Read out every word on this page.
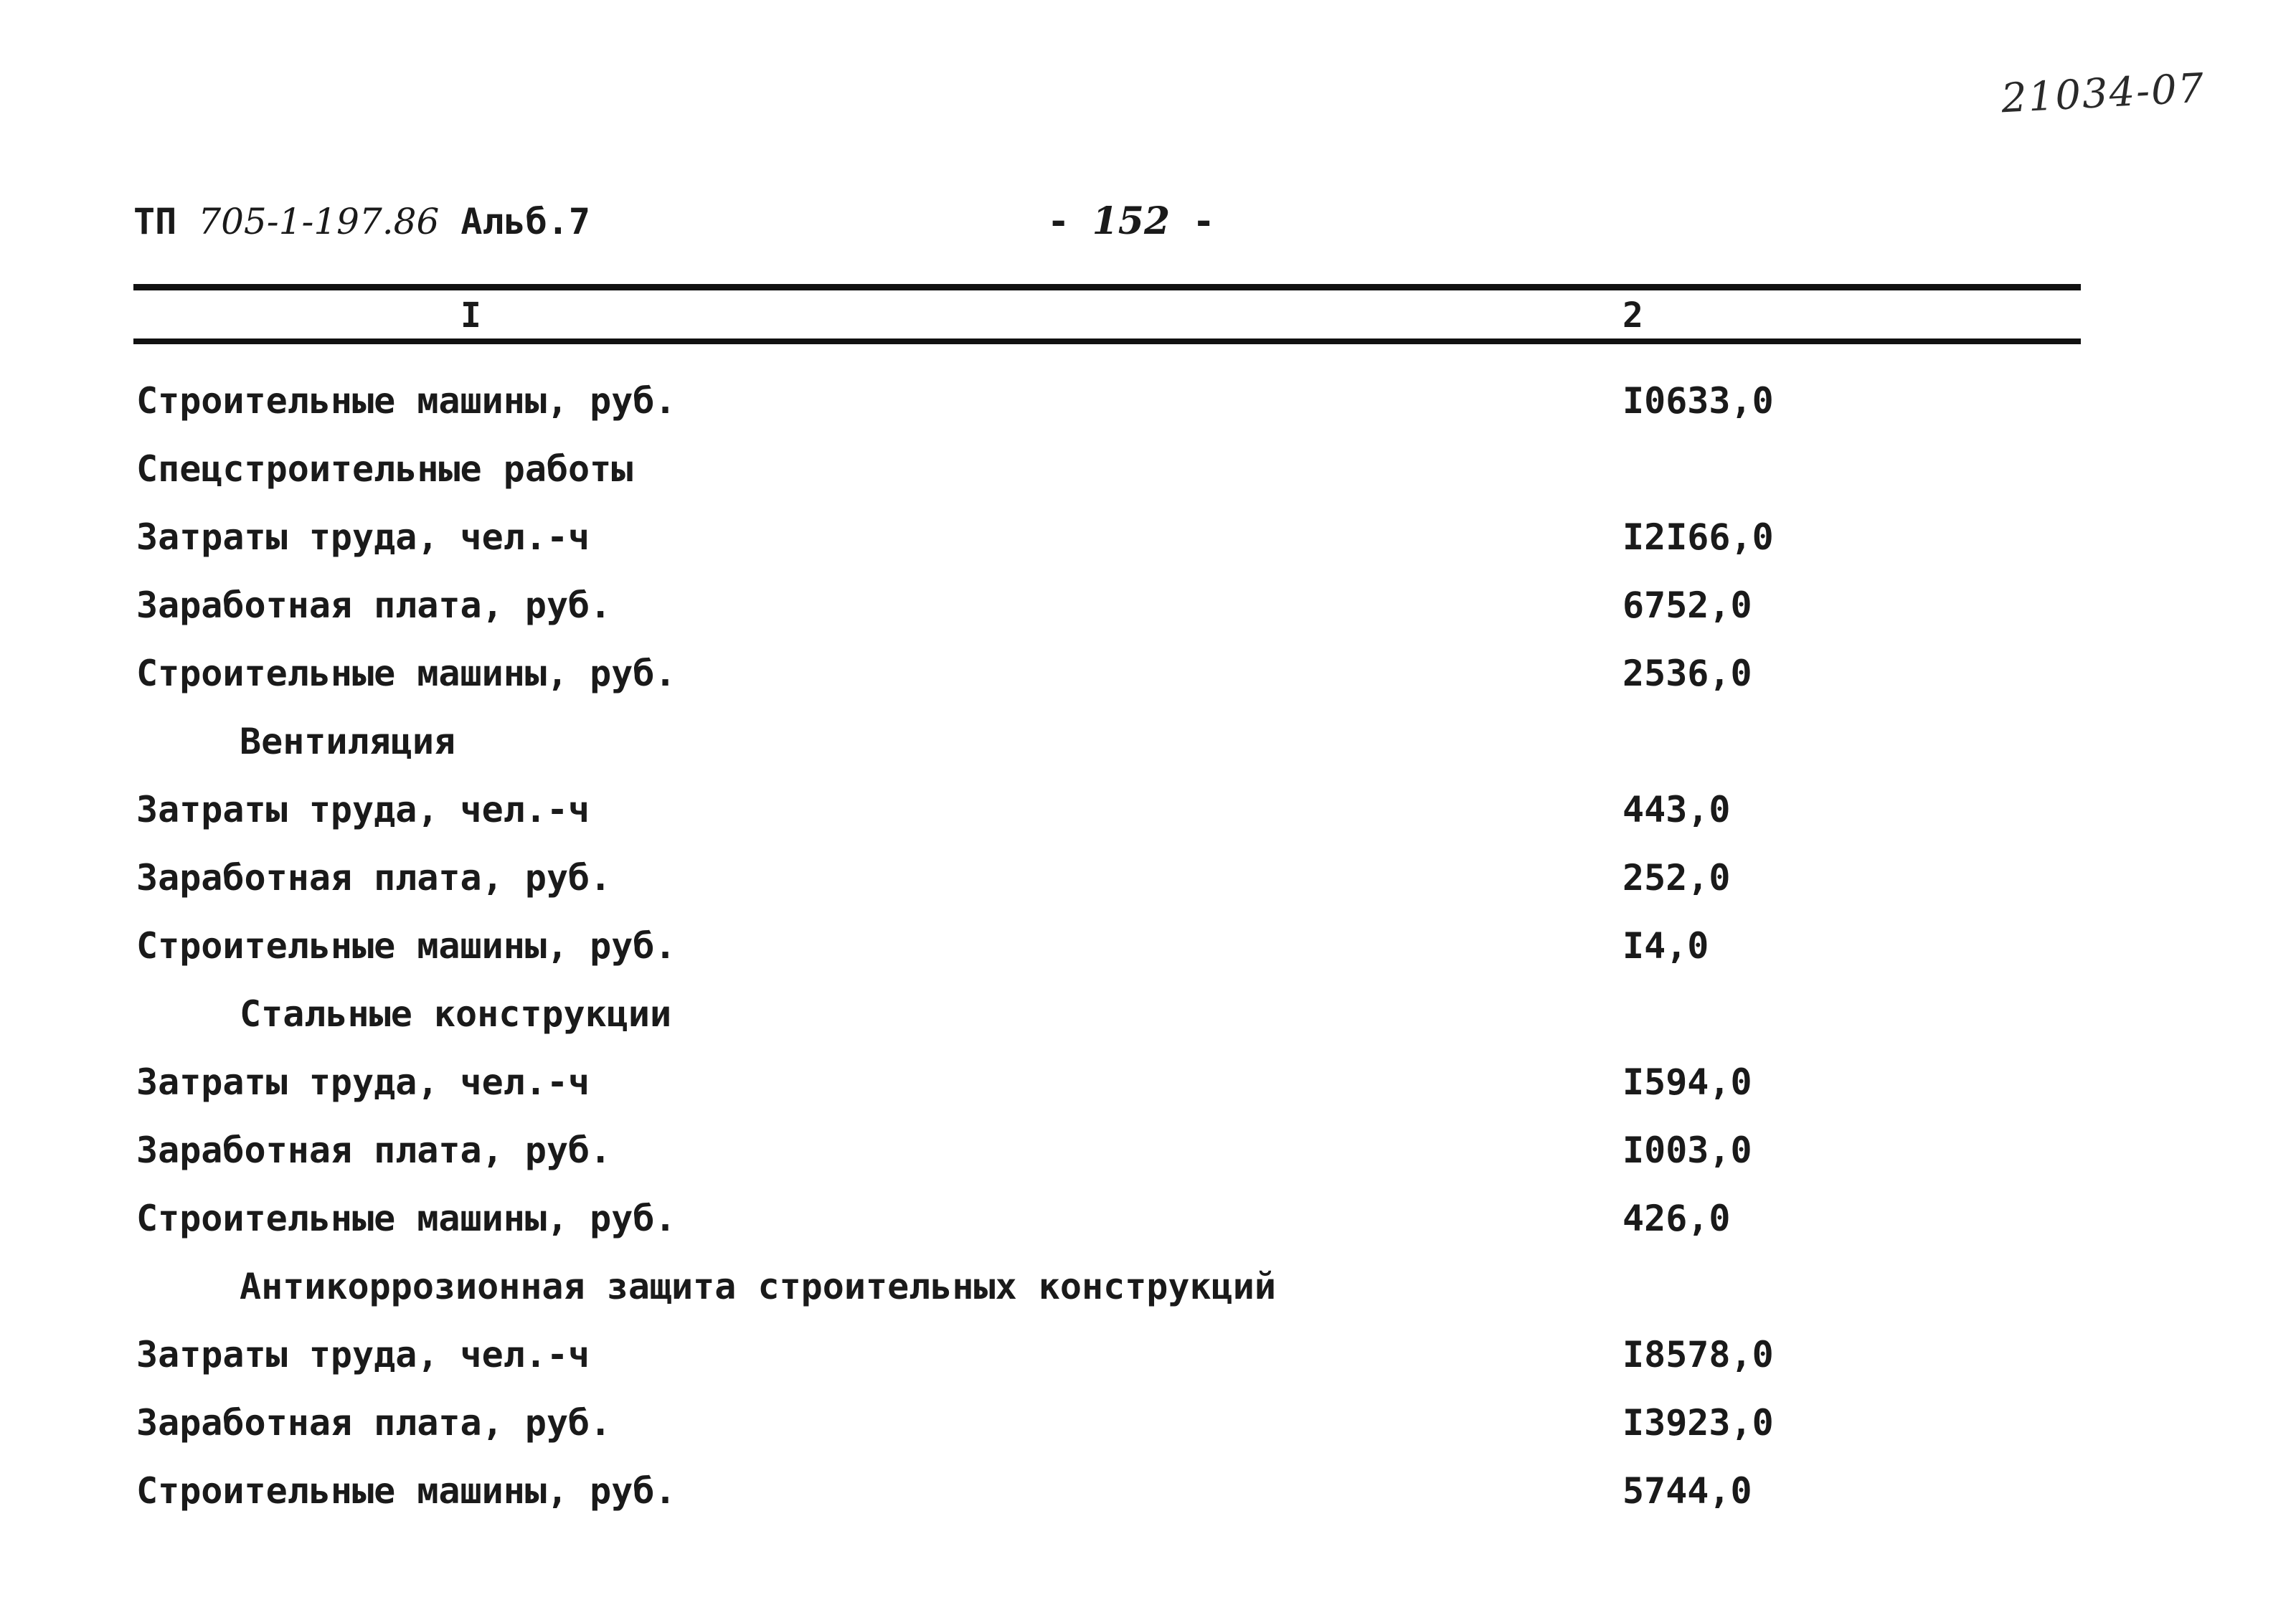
21034-07
ТП 705-1-197.86 Альб.7	- 152 -
I	2
Строительные машины, руб.	I0633,0
Спецстроительные работы
Затраты труда, чел.-ч	I2I66,0
Заработная плата, руб.	6752,0
Строительные машины, руб.	2536,0
Вентиляция
Затраты труда, чел.-ч	443,0
Заработная плата, руб.	252,0
Строительные машины, руб.	I4,0
Стальные конструкции
Затраты труда, чел.-ч	I594,0
Заработная плата, руб.	I003,0
Строительные машины, руб.	426,0
Антикоррозионная защита строительных конструкций
Затраты труда, чел.-ч	I8578,0
Заработная плата, руб.	I3923,0
Строительные машины, руб.	5744,0
